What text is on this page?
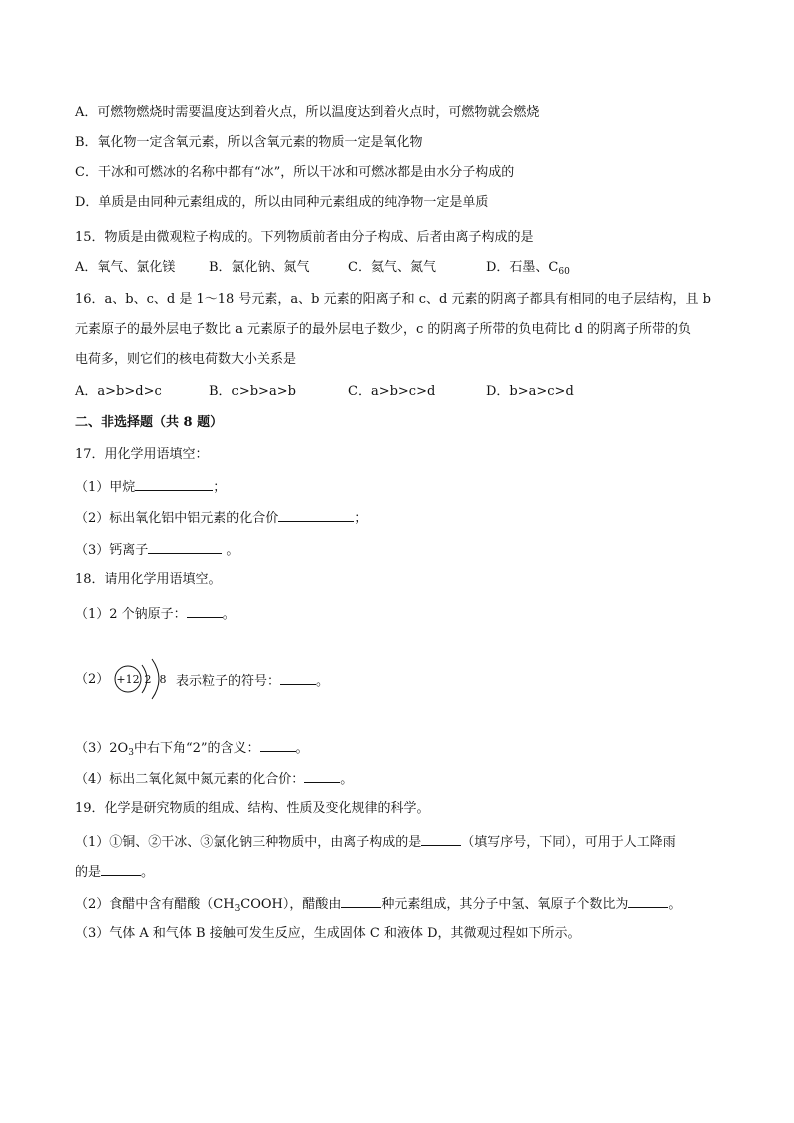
A．可燃物燃烧时需要温度达到着火点，所以温度达到着火点时，可燃物就会燃烧
B．氧化物一定含氧元素，所以含氧元素的物质一定是氧化物
C．干冰和可燃冰的名称中都有“冰”，所以干冰和可燃冰都是由水分子构成的
D．单质是由同种元素组成的，所以由同种元素组成的纯净物一定是单质
15．物质是由微观粒子构成的。下列物质前者由分子构成、后者由离子构成的是
A．氧气、氯化镁	B．氯化钠、氮气	C．氦气、氮气	D．石墨、$C_{60}$
16．a、b、c、d 是 1～18 号元素，a、b 元素的阳离子和 c、d 元素的阴离子都具有相同的电子层结构，且 b
元素原子的最外层电子数比 a 元素原子的最外层电子数少，c 的阴离子所带的负电荷比 d 的阴离子所带的负
电荷多，则它们的核电荷数大小关系是
A．a>b>d>c	B．c>b>a>b	C．a>b>c>d	D．b>a>c>d
二、非选择题（共 8 题）
17．用化学用语填空：
（1）甲烷	；
（2）标出氧化铝中铝元素的化合价	；
（3）钙离子	。
18．请用化学用语填空。
（1）2 个钠原子：	。
（2） +12 2 8 表示粒子的符号：	。
$(3)2O_3$中右下角“2”的含义：	。
（4）标出二氧化氮中氮元素的化合价：	。
19．化学是研究物质的组成、结构、性质及变化规律的科学。
（1）①铜、②干冰、③氯化钠三种物质中，由离子构成的是	（填写序号，下同），可用于人工降雨
的是	。
（2）食醋中含有醋酸$(CH_3COOH)$，醋酸由	种元素组成，其分子中氢、氧原子个数比为	。
（3）气体 A 和气体 B 接触可发生反应，生成固体 C 和液体 D，其微观过程如下所示。
